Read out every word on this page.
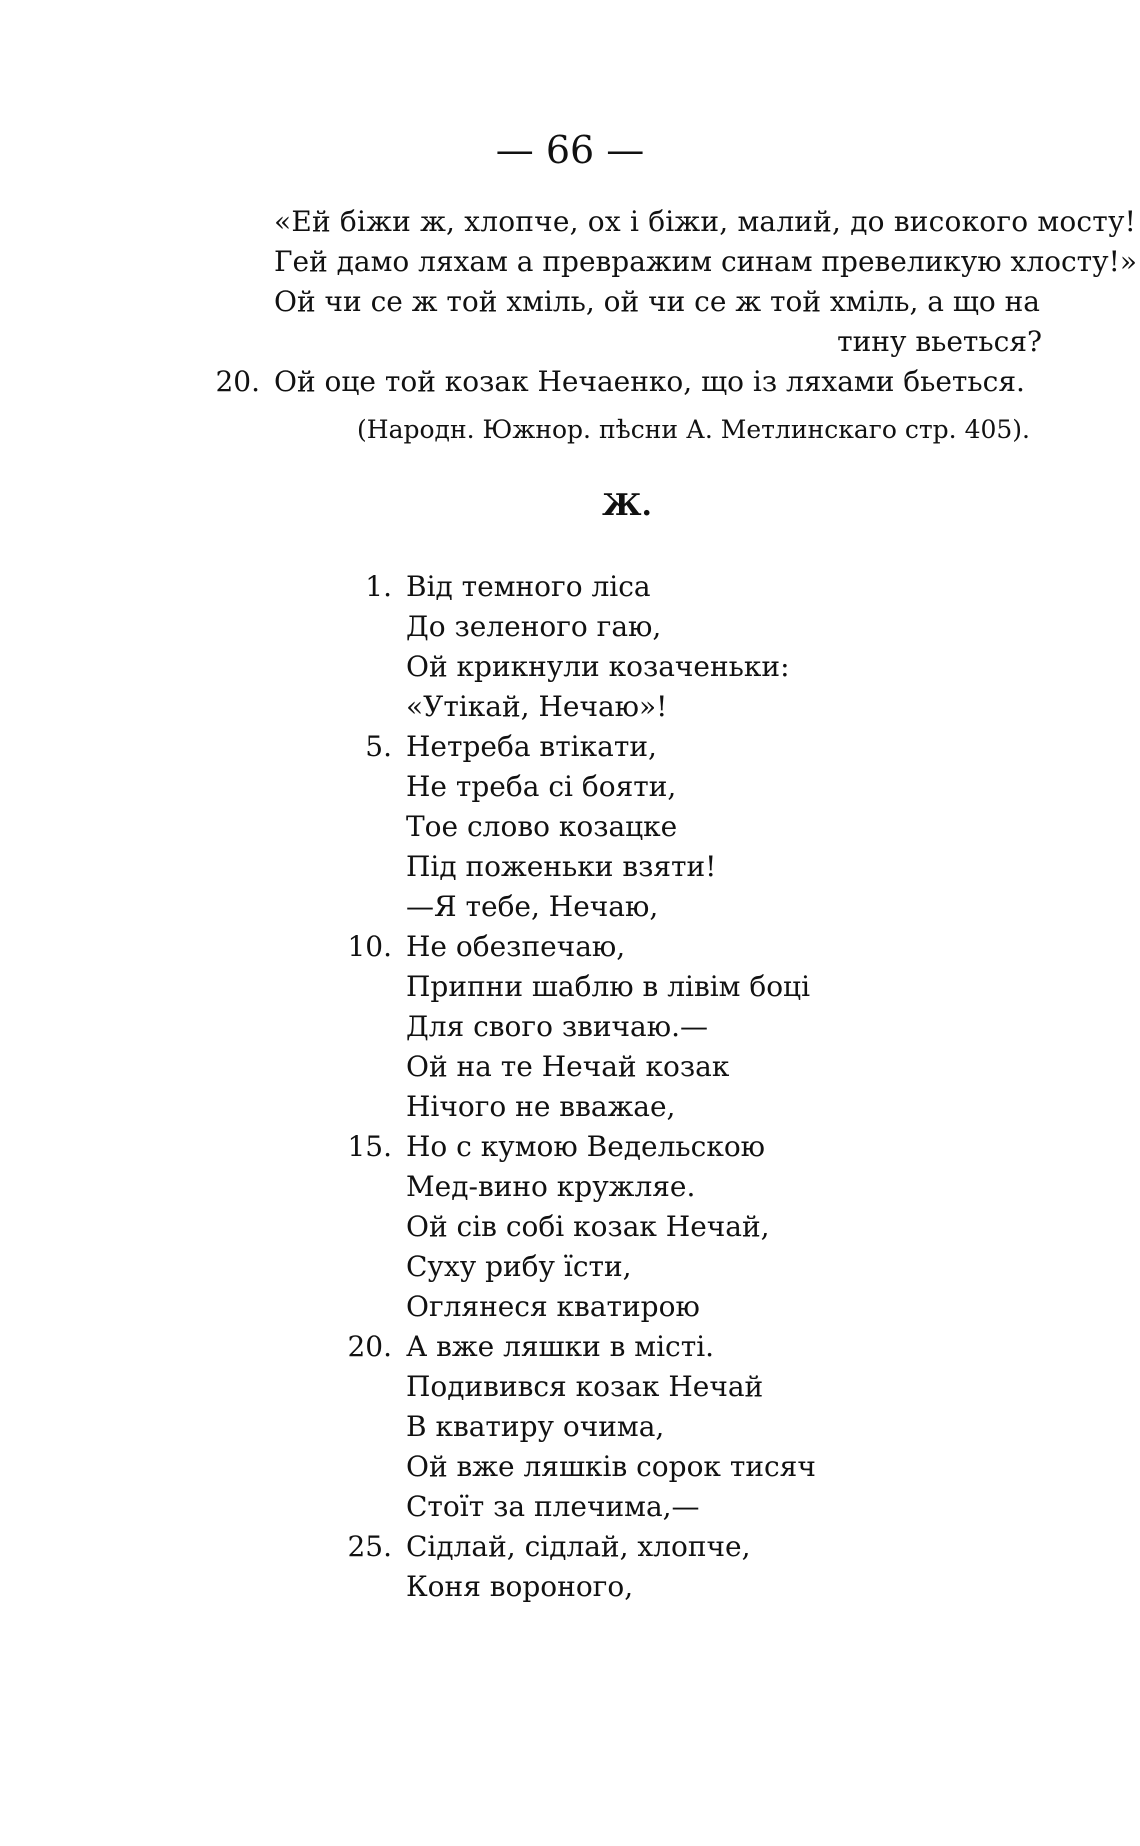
— 66 —
«Ей біжи ж, хлопче, ох і біжи, малий, до високого мосту!
Гей дамо ляхам а превражим синам превеликую хлосту!»
Ой чи се ж той хміль, ой чи се ж той хміль, а що на
тину вьеться?
20. Ой оце той козак Нечаенко, що із ляхами бьеться.
(Народн. Южнор. пѣсни А. Метлинскаго стр. 405).
Ж.
1. Від темного ліса
До зеленого гаю,
Ой крикнули козаченьки:
«Утікай, Нечаю»!
5. Нетреба втікати,
Не треба сі бояти,
Тое слово козацке
Під поженьки взяти!
—Я тебе, Нечаю,
10. Не обезпечаю,
Припни шаблю в лівім боці
Для свого звичаю.—
Ой на те Нечай козак
Нічого не вважае,
15. Но с кумою Ведельскою
Мед-вино кружляе.
Ой сів собі козак Нечай,
Суху рибу їсти,
Оглянеся кватирою
20. А вже ляшки в місті.
Подивився козак Нечай
В кватиру очима,
Ой вже ляшків сорок тисяч
Стоїт за плечима,—
25. Сідлай, сідлай, хлопче,
Коня вороного,
